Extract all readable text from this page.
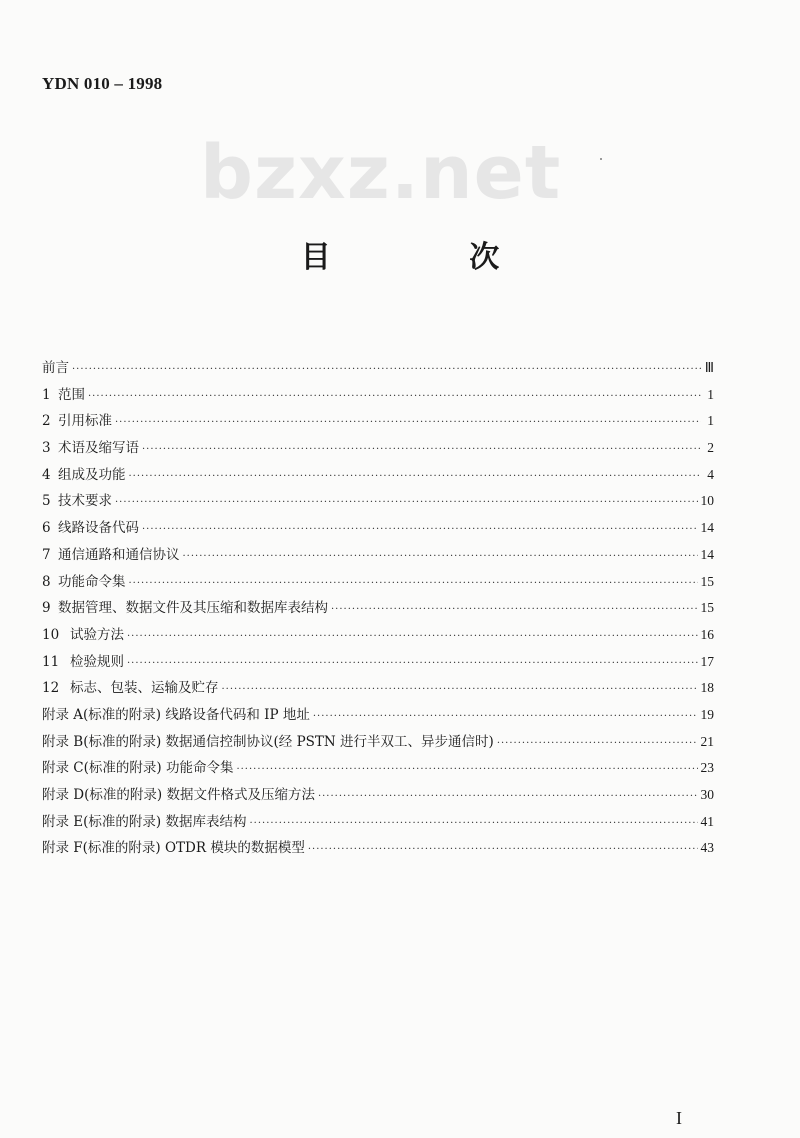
YDN 010 – 1998
bzxz.net
目 次
前言 ·····	Ⅲ
1 范围 ·····	1
2 引用标准 ·····	1
3 术语及缩写语 ·····	2
4 组成及功能 ·····	4
5 技术要求 ·····	10
6 线路设备代码 ·····	14
7 通信通路和通信协议 ·····	14
8 功能命令集 ·····	15
9 数据管理、数据文件及其压缩和数据库表结构 ·····	15
10 试验方法 ·····	16
11 检验规则 ·····	17
12 标志、包装、运输及贮存 ·····	18
附录 A(标准的附录) 线路设备代码和 IP 地址 ·····	19
附录 B(标准的附录) 数据通信控制协议(经 PSTN 进行半双工、异步通信时) ·····	21
附录 C(标准的附录) 功能命令集 ·····	23
附录 D(标准的附录) 数据文件格式及压缩方法 ·····	30
附录 E(标准的附录) 数据库表结构 ·····	41
附录 F(标准的附录) OTDR 模块的数据模型 ·····	43
I
